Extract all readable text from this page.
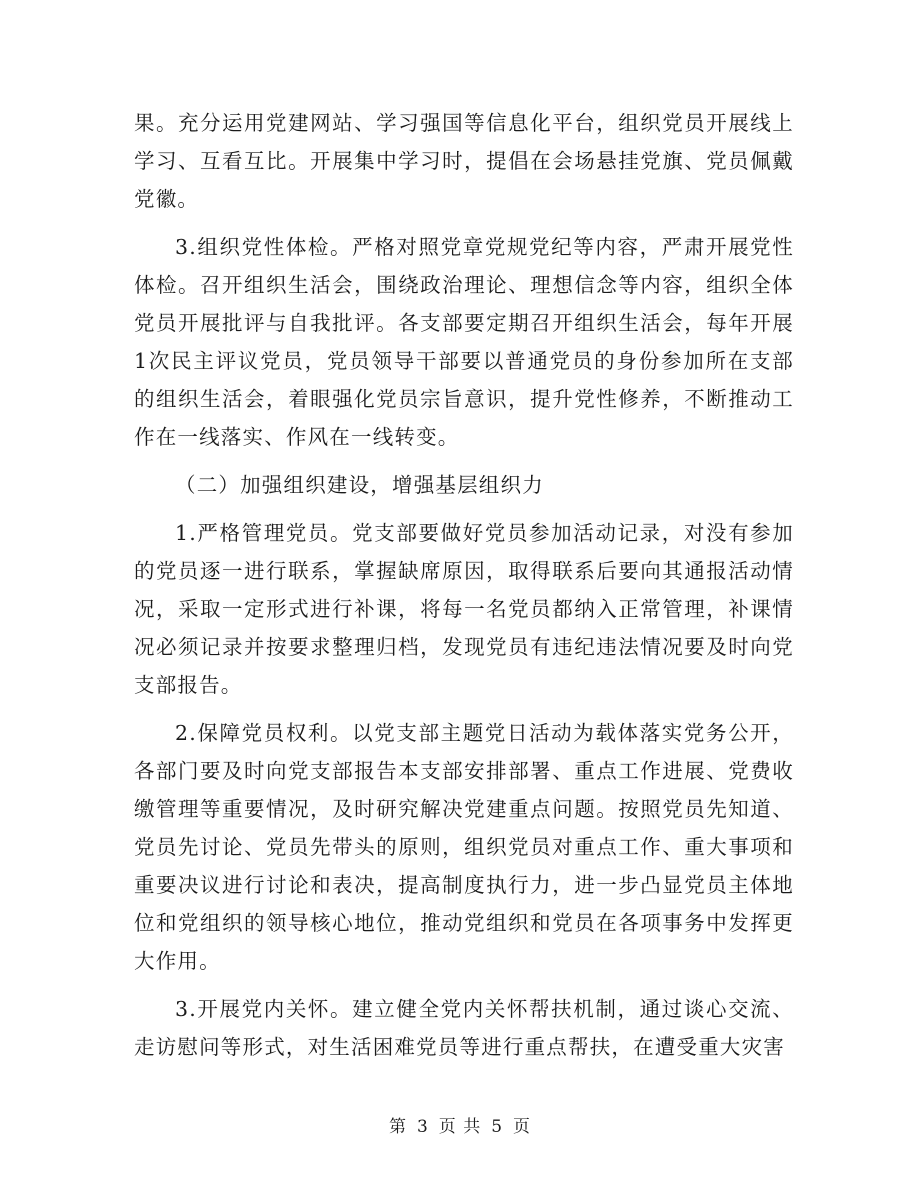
果。充分运用党建网站、学习强国等信息化平台，组织党员开展线上学习、互看互比。开展集中学习时，提倡在会场悬挂党旗、党员佩戴党徽。

3.组织党性体检。严格对照党章党规党纪等内容，严肃开展党性体检。召开组织生活会，围绕政治理论、理想信念等内容，组织全体党员开展批评与自我批评。各支部要定期召开组织生活会，每年开展1次民主评议党员，党员领导干部要以普通党员的身份参加所在支部的组织生活会，着眼强化党员宗旨意识，提升党性修养，不断推动工作在一线落实、作风在一线转变。

（二）加强组织建设，增强基层组织力

1.严格管理党员。党支部要做好党员参加活动记录，对没有参加的党员逐一进行联系，掌握缺席原因，取得联系后要向其通报活动情况，采取一定形式进行补课，将每一名党员都纳入正常管理，补课情况必须记录并按要求整理归档，发现党员有违纪违法情况要及时向党支部报告。

2.保障党员权利。以党支部主题党日活动为载体落实党务公开，各部门要及时向党支部报告本支部安排部署、重点工作进展、党费收缴管理等重要情况，及时研究解决党建重点问题。按照党员先知道、党员先讨论、党员先带头的原则，组织党员对重点工作、重大事项和重要决议进行讨论和表决，提高制度执行力，进一步凸显党员主体地位和党组织的领导核心地位，推动党组织和党员在各项事务中发挥更大作用。

3.开展党内关怀。建立健全党内关怀帮扶机制，通过谈心交流、走访慰问等形式，对生活困难党员等进行重点帮扶，在遭受重大灾害

第 3 页 共 5 页
